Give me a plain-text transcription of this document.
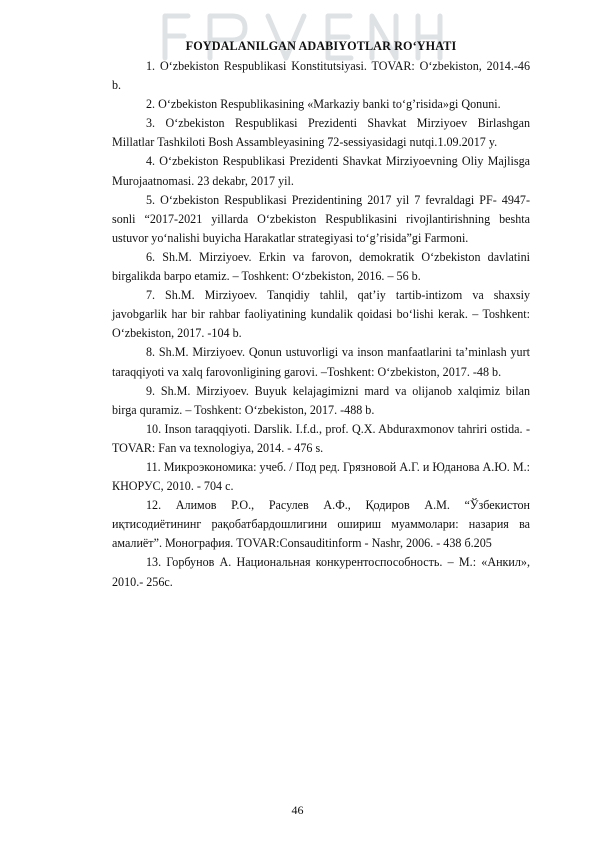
FOYDALANILGAN ADABIYOTLAR RO‘YHATI
1. O‘zbekiston Respublikasi Konstitutsiyasi. TOVAR: O‘zbekiston, 2014.-46 b.
2. O‘zbekiston Respublikasining «Markaziy banki to‘g’risida»gi Qonuni.
3. O‘zbekiston Respublikasi Prezidenti Shavkat Mirziyoev Birlashgan Millatlar Tashkiloti Bosh Assambleyasining 72-sessiyasidagi nutqi.1.09.2017 y.
4. O‘zbekiston Respublikasi Prezidenti Shavkat Mirziyoevning Oliy Majlisga Murojaatnomasi. 23 dekabr, 2017 yil.
5. O‘zbekiston Respublikasi Prezidentining 2017 yil 7 fevraldagi PF- 4947-sonli “2017-2021 yillarda O‘zbekiston Respublikasini rivojlantirishning beshta ustuvor yo‘nalishi buyicha Harakatlar strategiyasi to‘g’risida”gi Farmoni.
6. Sh.M. Mirziyoev. Erkin va farovon, demokratik O‘zbekiston davlatini birgalikda barpo etamiz. – Toshkent: O‘zbekiston, 2016. – 56 b.
7. Sh.M. Mirziyoev. Tanqidiy tahlil, qat’iy tartib-intizom va shaxsiy javobgarlik har bir rahbar faoliyatining kundalik qoidasi bo‘lishi kerak. – Toshkent: O‘zbekiston, 2017. -104 b.
8. Sh.M. Mirziyoev. Qonun ustuvorligi va inson manfaatlarini ta’minlash yurt taraqqiyoti va xalq farovonligining garovi. –Toshkent: O‘zbekiston, 2017. -48 b.
9. Sh.M. Mirziyoev. Buyuk kelajagimizni mard va olijanob xalqimiz bilan birga quramiz. – Toshkent: O‘zbekiston, 2017. -488 b.
10. Inson taraqqiyoti. Darslik. I.f.d., prof. Q.X. Abduraxmonov tahriri ostida. - TOVAR: Fan va texnologiya, 2014. - 476 s.
11. Микроэкономика: учеб. / Под ред. Грязновой А.Г. и Юданова А.Ю. М.: КНОРУС, 2010. - 704 с.
12. Алимов Р.О., Расулев А.Ф., Қодиров А.М. “Ўзбекистон иқтисодиётининг рақобатбардошлигини ошириш муаммолари: назария ва амалиёт”. Монография. TOVAR:Consauditinform - Nashr, 2006. - 438 б.205
13. Горбунов А. Национальная конкурентоспособность. – М.: «Анкил», 2010.- 256с.
46
